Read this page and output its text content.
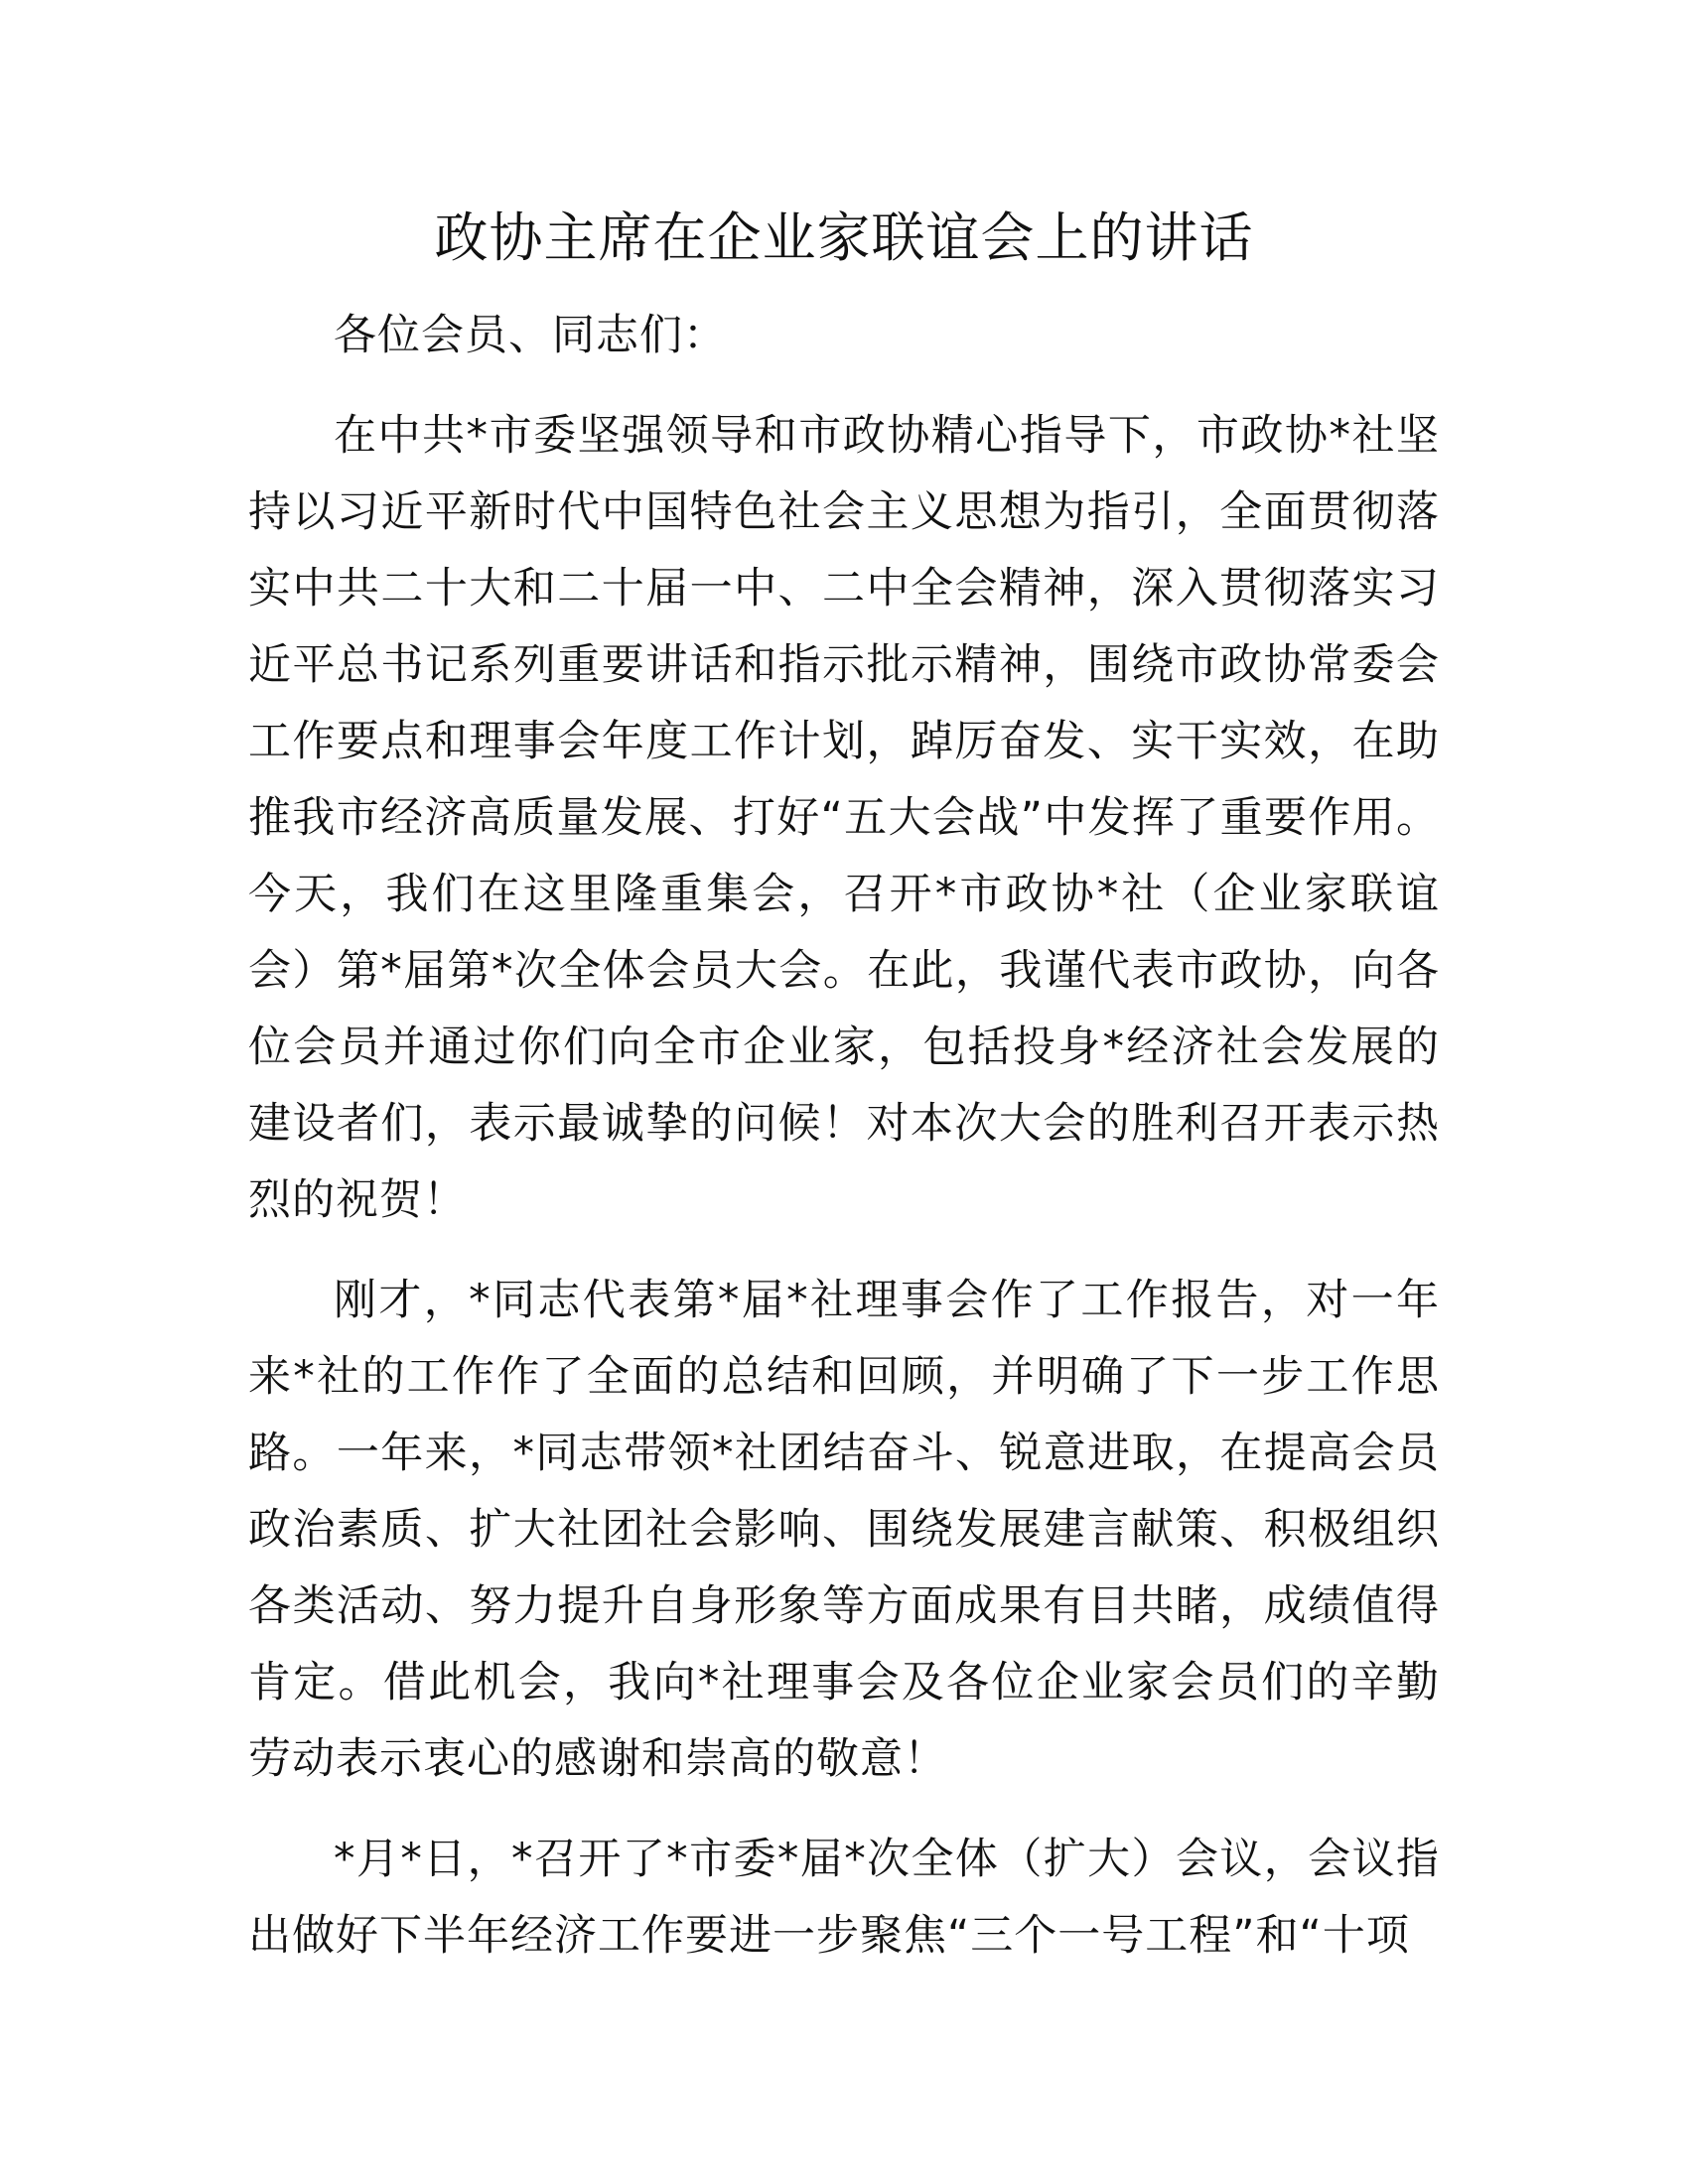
政协主席在企业家联谊会上的讲话

各位会员、同志们：

在中共*市委坚强领导和市政协精心指导下，市政协*社坚持以习近平新时代中国特色社会主义思想为指引，全面贯彻落实中共二十大和二十届一中、二中全会精神，深入贯彻落实习近平总书记系列重要讲话和指示批示精神，围绕市政协常委会工作要点和理事会年度工作计划，踔厉奋发、实干实效，在助推我市经济高质量发展、打好“五大会战”中发挥了重要作用。今天，我们在这里隆重集会，召开*市政协*社（企业家联谊会）第*届第*次全体会员大会。在此，我谨代表市政协，向各位会员并通过你们向全市企业家，包括投身*经济社会发展的建设者们，表示最诚挚的问候！对本次大会的胜利召开表示热烈的祝贺！

刚才，*同志代表第*届*社理事会作了工作报告，对一年来*社的工作作了全面的总结和回顾，并明确了下一步工作思路。一年来，*同志带领*社团结奋斗、锐意进取，在提高会员政治素质、扩大社团社会影响、围绕发展建言献策、积极组织各类活动、努力提升自身形象等方面成果有目共睹，成绩值得肯定。借此机会，我向*社理事会及各位企业家会员们的辛勤劳动表示衷心的感谢和崇高的敬意！

*月*日，*召开了*市委*届*次全体（扩大）会议，会议指出做好下半年经济工作要进一步聚焦“三个一号工程”和“十项
